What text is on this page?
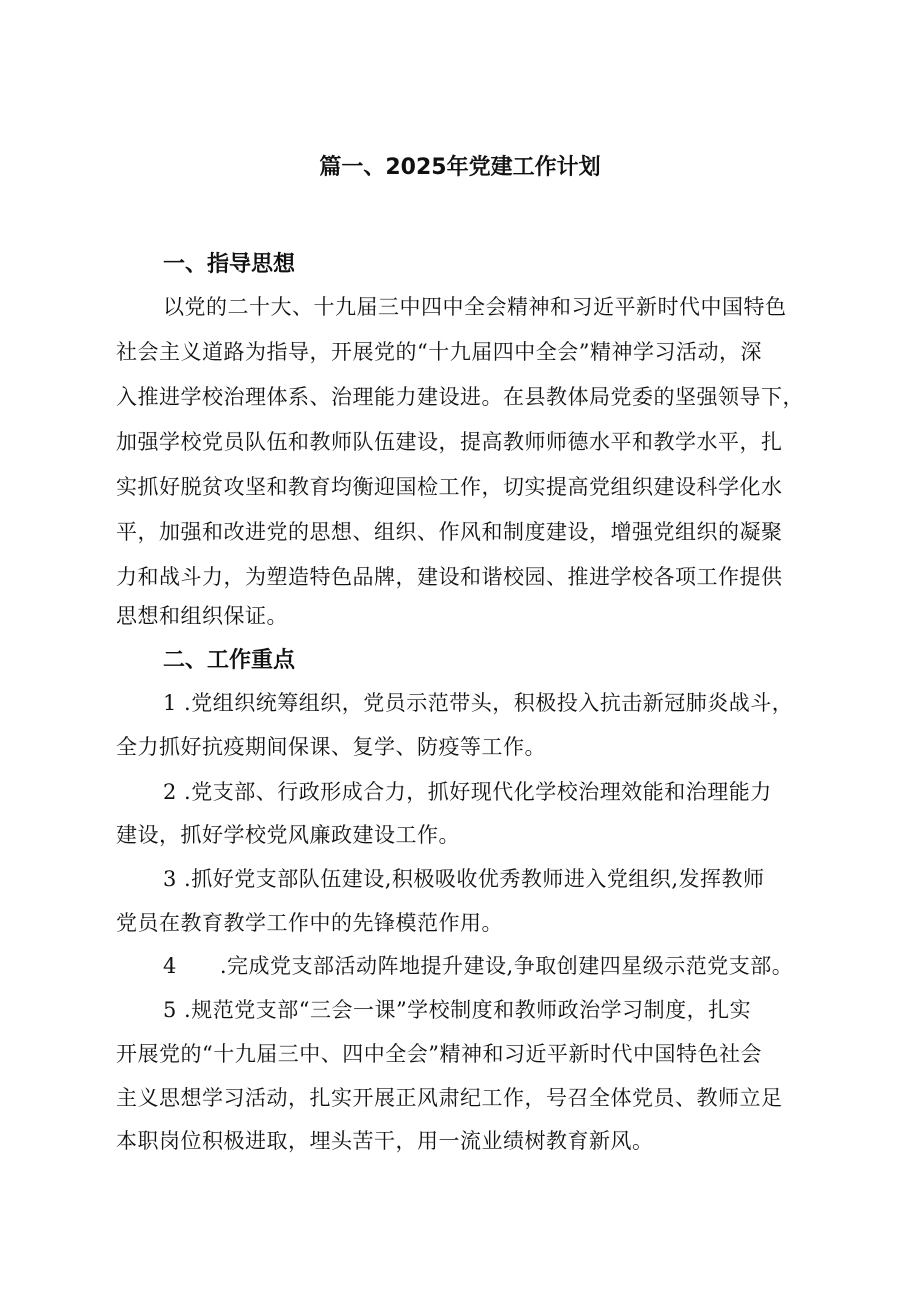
篇一、2025年党建工作计划
一、指导思想
以党的二十大、十九届三中四中全会精神和习近平新时代中国特色
社会主义道路为指导，开展党的“十九届四中全会”精神学习活动，深
入推进学校治理体系、治理能力建设进。在县教体局党委的坚强领导下，
加强学校党员队伍和教师队伍建设，提高教师师德水平和教学水平，扎
实抓好脱贫攻坚和教育均衡迎国检工作，切实提高党组织建设科学化水
平，加强和改进党的思想、组织、作风和制度建设，增强党组织的凝聚
力和战斗力，为塑造特色品牌，建设和谐校园、推进学校各项工作提供
思想和组织保证。
二、工作重点
1 .党组织统筹组织，党员示范带头，积极投入抗击新冠肺炎战斗，
全力抓好抗疫期间保课、复学、防疫等工作。
2 .党支部、行政形成合力，抓好现代化学校治理效能和治理能力
建设，抓好学校党风廉政建设工作。
3 .抓好党支部队伍建设,积极吸收优秀教师进入党组织,发挥教师
党员在教育教学工作中的先锋模范作用。
4　　.完成党支部活动阵地提升建设,争取创建四星级示范党支部。
5 .规范党支部“三会一课”学校制度和教师政治学习制度，扎实
开展党的“十九届三中、四中全会”精神和习近平新时代中国特色社会
主义思想学习活动，扎实开展正风肃纪工作，号召全体党员、教师立足
本职岗位积极进取，埋头苦干，用一流业绩树教育新风。
